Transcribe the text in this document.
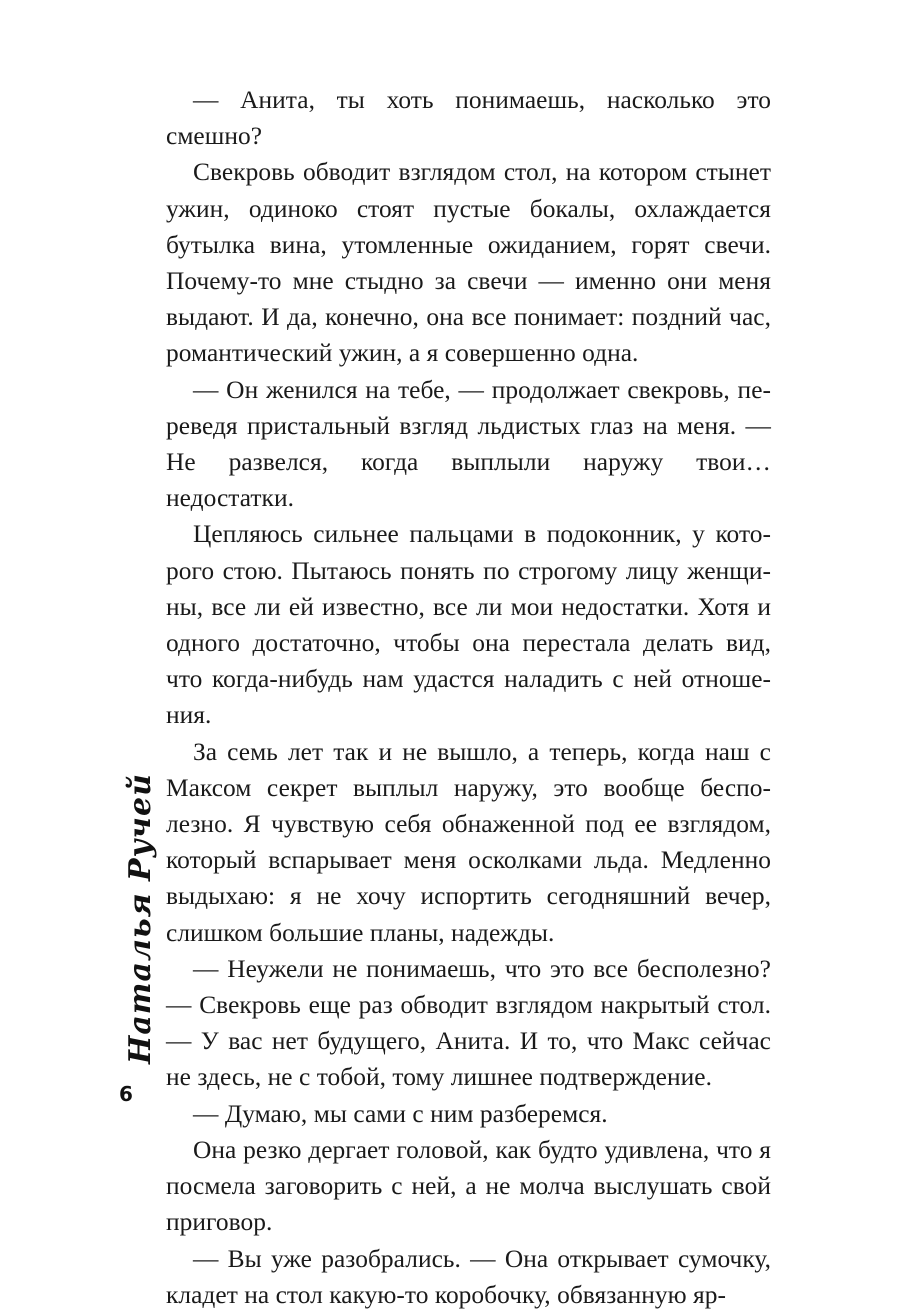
— Анита, ты хоть понимаешь, насколько это смешно?

Свекровь обводит взглядом стол, на котором стынет ужин, одиноко стоят пустые бокалы, охлаждается бутылка вина, утомленные ожиданием, горят свечи. Почему-то мне стыдно за свечи — именно они меня выдают. И да, конечно, она все понимает: поздний час, романтический ужин, а я совершенно одна.

— Он женился на тебе, — продолжает свекровь, переведя пристальный взгляд льдистых глаз на меня. — Не развелся, когда выплыли наружу твои… недостатки.

Цепляюсь сильнее пальцами в подоконник, у которого стою. Пытаюсь понять по строгому лицу женщины, все ли ей известно, все ли мои недостатки. Хотя и одного достаточно, чтобы она перестала делать вид, что когда-нибудь нам удастся наладить с ней отношения.

За семь лет так и не вышло, а теперь, когда наш с Максом секрет выплыл наружу, это вообще бесполезно. Я чувствую себя обнаженной под ее взглядом, который вспарывает меня осколками льда. Медленно выдыхаю: я не хочу испортить сегодняшний вечер, слишком большие планы, надежды.

— Неужели не понимаешь, что это все бесполезно? — Свекровь еще раз обводит взглядом накрытый стол. — У вас нет будущего, Анита. И то, что Макс сейчас не здесь, не с тобой, тому лишнее подтверждение.

— Думаю, мы сами с ним разберемся.

Она резко дергает головой, как будто удивлена, что я посмела заговорить с ней, а не молча выслушать свой приговор.

— Вы уже разобрались. — Она открывает сумочку, кладет на стол какую-то коробочку, обвязанную яр-

Наталья Ручей
6
